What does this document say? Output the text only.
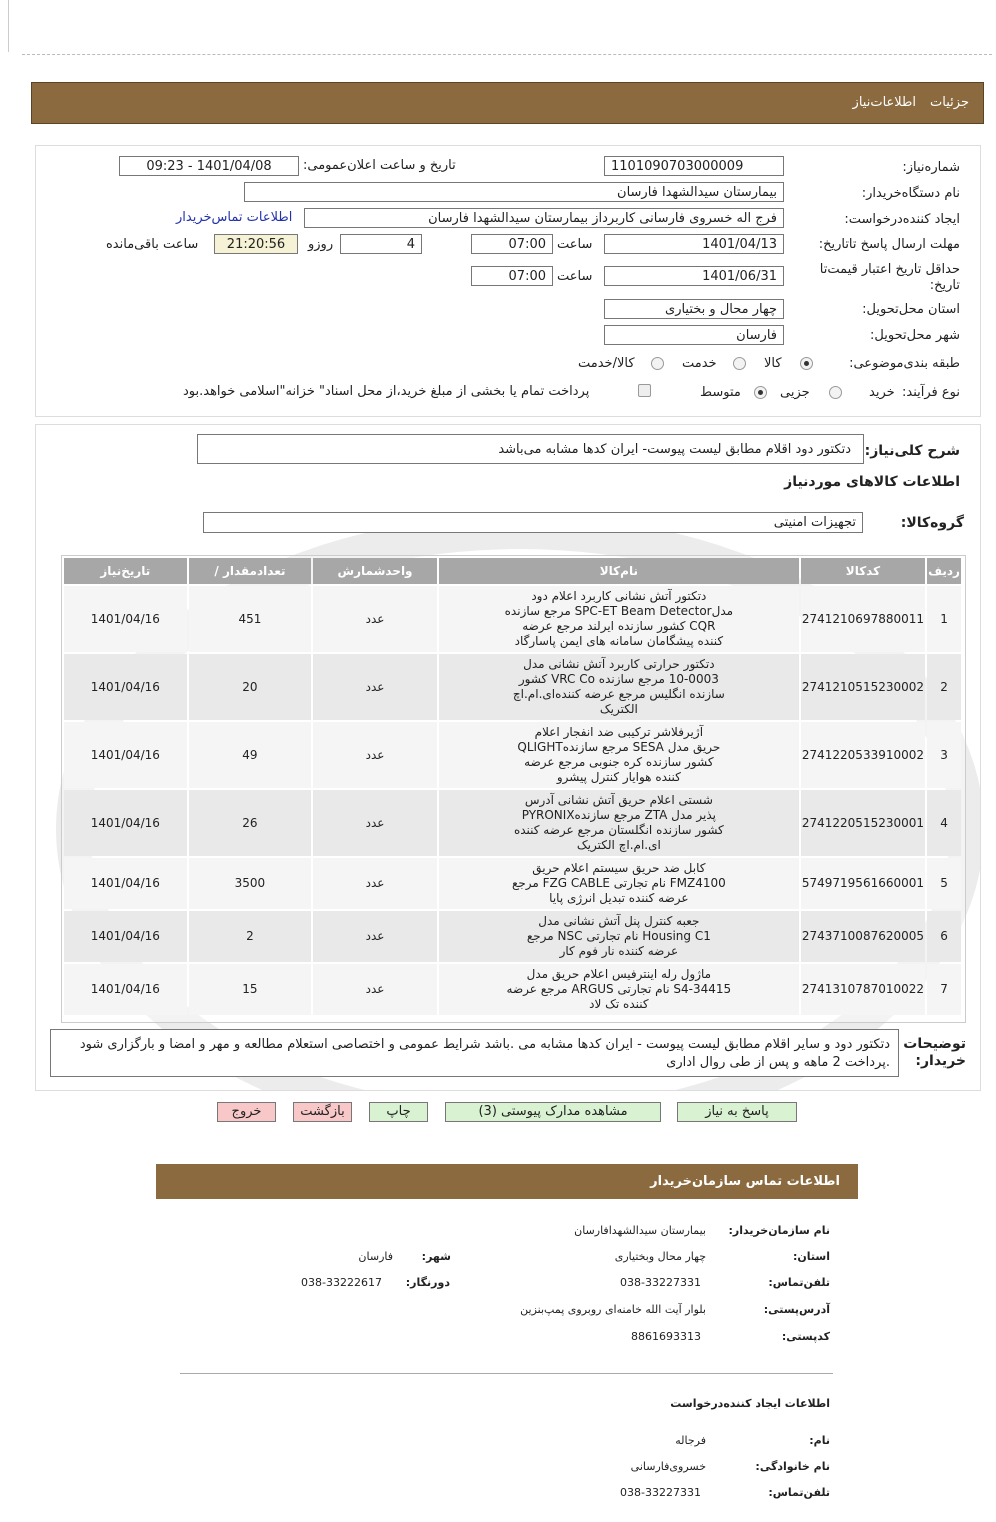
جزئیات
اطلاعات‌نیاز
شماره‌نیاز:
1101090703000009
تاریخ و ساعت اعلان‌عمومی:
1401/04/08 - 09:23
نام دستگاه‌خریدار:
بیمارستان سیدالشهدا فارسان
ایجاد کننده‌درخواست:
فرج اله خسروی فارسانی کاربرداز بیمارستان سیدالشهدا فارسان
اطلاعات تماس‌خریدار
مهلت ارسال پاسخ تا‌تاریخ:
1401/04/13
ساعت
07:00
4
روزو
21:20:56
ساعت باقی‌مانده
حداقل تاریخ اعتبار قیمت‌تا تاریخ:
1401/06/31
ساعت
07:00
استان محل‌تحویل:
چهار محال و بختیاری
شهر محل‌تحویل:
فارسان
طبقه بندی‌موضوعی:
کالا
خدمت
کالا/خدمت
نوع فرآیند:
خرید
جزیی
متوسط
پرداخت تمام یا بخشی از مبلغ خرید،از محل اسناد" خزانه"اسلامی خواهد.بود
شرح کلی‌نیاز:
دتکتور دود اقلام مطابق لیست پیوست- ایران کدها مشابه می‌باشد
اطلاعات کالاهای موردنیاز
گروه‌کالا:
تجهیزات امنیتی
ردیف	کدکالا	نام‌کالا	واحدشمارش	تعدادمقدار /	تاریخ‌نیاز
1	2741210697880011	دتکتور آتش نشانی کاربرد اعلام دود
مدلSPC-ET Beam Detector مرجع سازنده
CQR کشور سازنده ایرلند مرجع عرضه
کننده پیشگامان سامانه های ایمن پاسارگاد	عدد	451	1401/04/16
2	2741210515230002	دتکتور حرارتی کاربرد آتش نشانی مدل
10-0003 مرجع سازنده VRC Co کشور
سازنده انگلیس مرجع عرضه کننده‌ای.ام.اچ
الکتریک	عدد	20	1401/04/16
3	2741220533910002	آژیرفلاشر ترکیبی ضد انفجار اعلام
حریق مدل SESA مرجع سازندهQLIGHT
کشور سازنده کره جنوبی مرجع عرضه
کننده هوایار کنترل پیشرو	عدد	49	1401/04/16
4	2741220515230001	شستی اعلام حریق آتش نشانی آدرس
پذیر مدل ZTA مرجع سازندهPYRONIX
کشور سازنده انگلستان مرجع عرضه کننده
ای.ام.اچ الکتریک	عدد	26	1401/04/16
5	5749719561660001	کابل ضد حریق سیستم اعلام حریق
FMZ4100 نام تجارتی FZG CABLE مرجع
عرضه کننده تبدیل انرژی پایا	عدد	3500	1401/04/16
6	2743710087620005	جعبه کنترل پنل آتش نشانی مدل
Housing C1 نام تجارتی NSC مرجع
عرضه کننده نار فوم کار	عدد	2	1401/04/16
7	2741310787010022	ماژول رله اینترفیس اعلام حریق مدل
S4-34415 نام تجارتی ARGUS مرجع عرضه
کننده تک لاد	عدد	15	1401/04/16
توضیحات خریدار:
دتکتور دود و سایر اقلام مطابق لیست پیوست - ایران کدها مشابه می .باشد شرایط عمومی و اختصاصی استعلام مطالعه و مهر و امضا و بارگزاری شود .پرداخت 2 ماهه و پس از طی روال اداری
پاسخ به نیاز
مشاهده مدارک پیوستی (3)
چاپ
بازگشت
خروج
اطلاعات تماس سازمان‌خریدار
نام سازمان‌خریدار:
بیمارستان سیدالشهدافارسان
استان:
چهار محال وبختیاری
شهر:
فارسان
تلفن‌تماس:
038-33227331
دورنگار:
038-33222617
آدرس‌پستی:
بلوار آیت الله خامنه‌ای روبروی پمپ‌بنزین
کد‌پستی:
8861693313
اطلاعات ایجاد کننده‌درخواست
نام:
فرجاله
نام خانوادگی:
خسروی‌فارسانی
تلفن‌تماس:
038-33227331
